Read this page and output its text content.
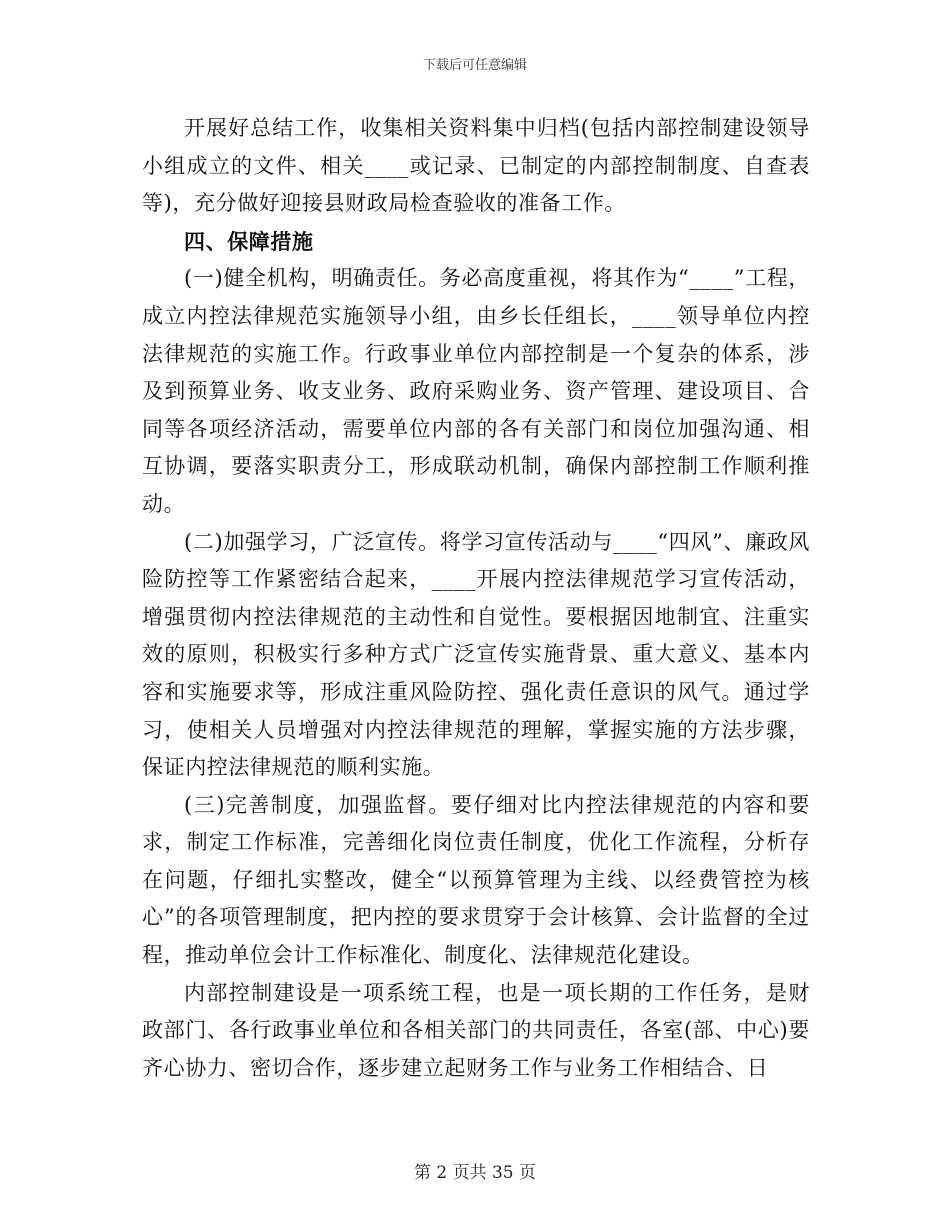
下载后可任意编辑

开展好总结工作，收集相关资料集中归档(包括内部控制建设领导小组成立的文件、相关____或记录、已制定的内部控制制度、自查表等)，充分做好迎接县财政局检查验收的准备工作。

四、保障措施

(一)健全机构，明确责任。务必高度重视，将其作为“____”工程，成立内控法律规范实施领导小组，由乡长任组长，____领导单位内控法律规范的实施工作。行政事业单位内部控制是一个复杂的体系，涉及到预算业务、收支业务、政府采购业务、资产管理、建设项目、合同等各项经济活动，需要单位内部的各有关部门和岗位加强沟通、相互协调，要落实职责分工，形成联动机制，确保内部控制工作顺利推动。

(二)加强学习，广泛宣传。将学习宣传活动与____“四风”、廉政风险防控等工作紧密结合起来，____开展内控法律规范学习宣传活动，增强贯彻内控法律规范的主动性和自觉性。要根据因地制宜、注重实效的原则，积极实行多种方式广泛宣传实施背景、重大意义、基本内容和实施要求等，形成注重风险防控、强化责任意识的风气。通过学习，使相关人员增强对内控法律规范的理解，掌握实施的方法步骤，保证内控法律规范的顺利实施。

(三)完善制度，加强监督。要仔细对比内控法律规范的内容和要求，制定工作标准，完善细化岗位责任制度，优化工作流程，分析存在问题，仔细扎实整改，健全“以预算管理为主线、以经费管控为核心”的各项管理制度，把内控的要求贯穿于会计核算、会计监督的全过程，推动单位会计工作标准化、制度化、法律规范化建设。

内部控制建设是一项系统工程，也是一项长期的工作任务，是财政部门、各行政事业单位和各相关部门的共同责任，各室(部、中心)要齐心协力、密切合作，逐步建立起财务工作与业务工作相结合、日

第 2 页共 35 页
